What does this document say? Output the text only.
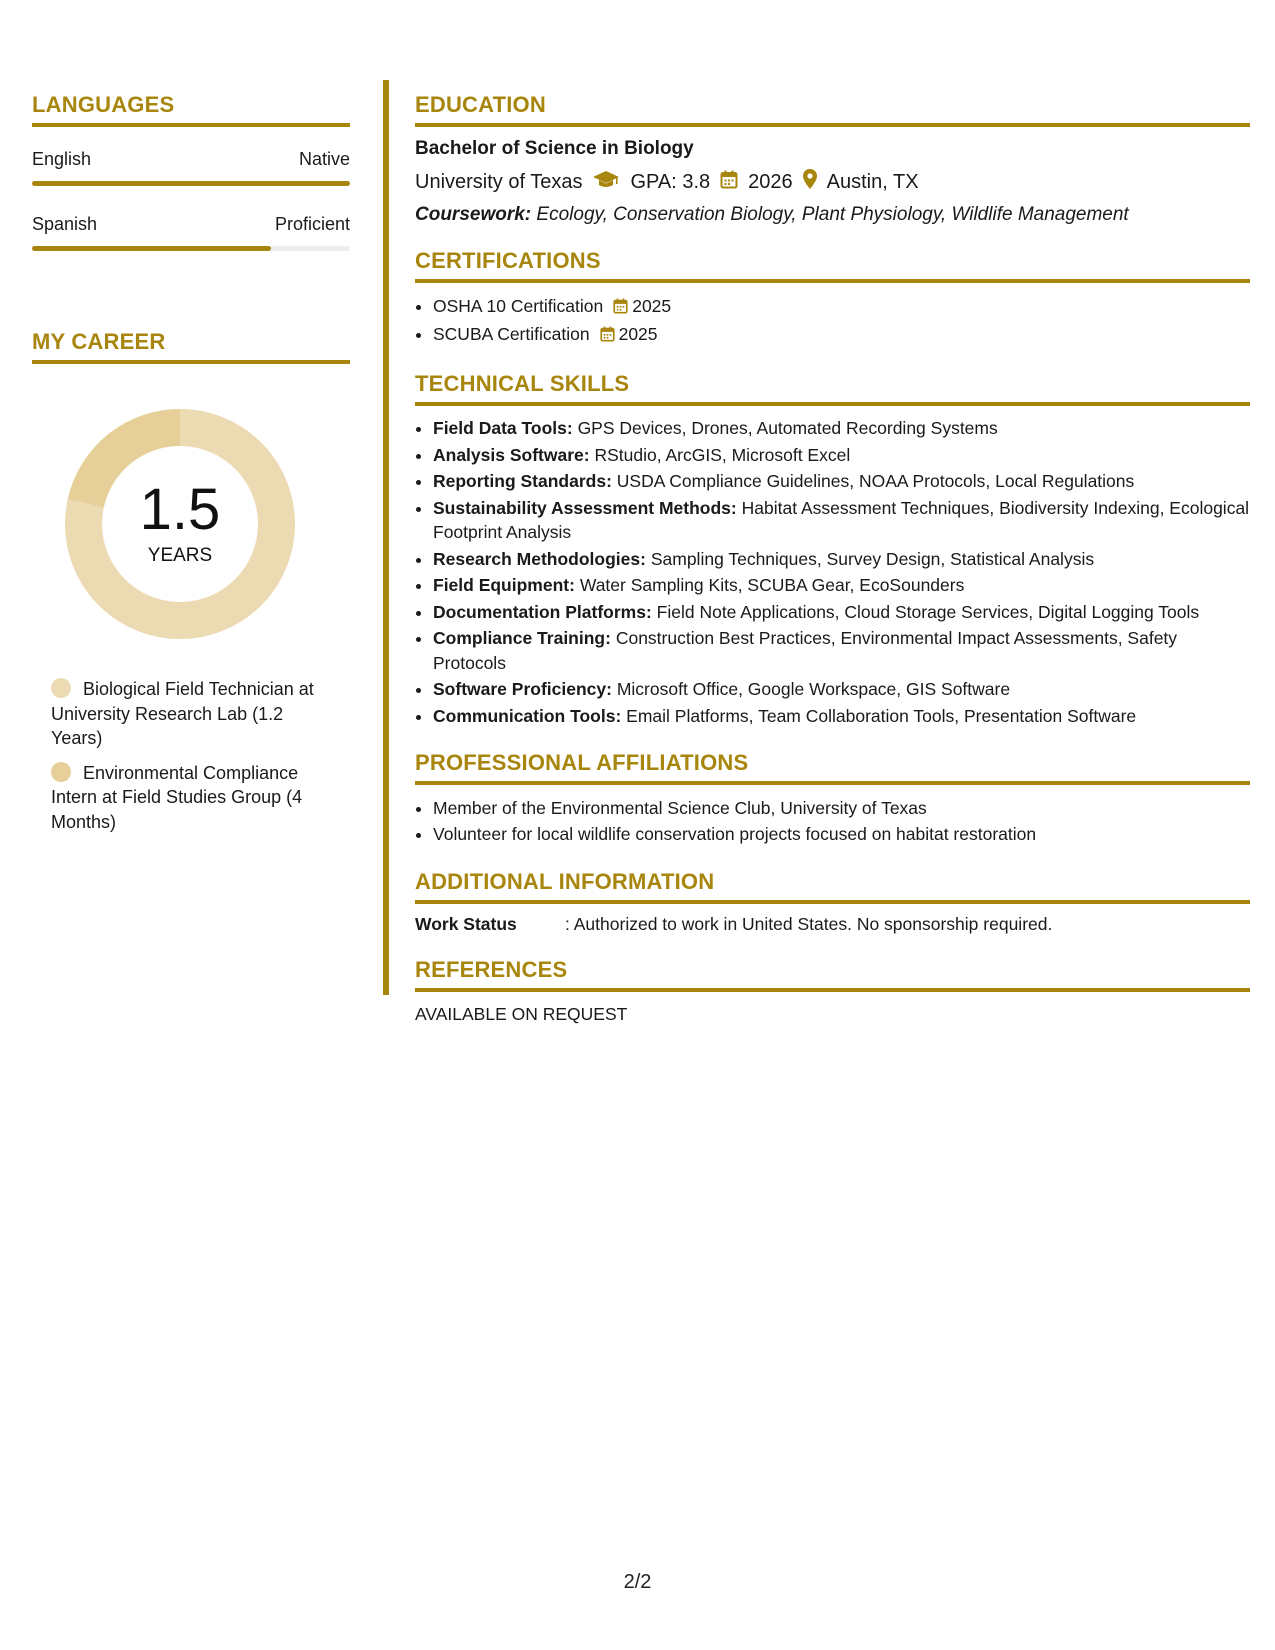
LANGUAGES
English	Native
Spanish	Proficient
MY CAREER
1.5
YEARS
Biological Field Technician at University Research Lab (1.2 Years)
Environmental Compliance Intern at Field Studies Group (4 Months)
EDUCATION
Bachelor of Science in Biology
University of Texas GPA: 3.8 2026 Austin, TX
Coursework: Ecology, Conservation Biology, Plant Physiology, Wildlife Management
CERTIFICATIONS
• OSHA 10 Certification 2025
• SCUBA Certification 2025
TECHNICAL SKILLS
• Field Data Tools: GPS Devices, Drones, Automated Recording Systems
• Analysis Software: RStudio, ArcGIS, Microsoft Excel
• Reporting Standards: USDA Compliance Guidelines, NOAA Protocols, Local Regulations
• Sustainability Assessment Methods: Habitat Assessment Techniques, Biodiversity Indexing, Ecological Footprint Analysis
• Research Methodologies: Sampling Techniques, Survey Design, Statistical Analysis
• Field Equipment: Water Sampling Kits, SCUBA Gear, EcoSounders
• Documentation Platforms: Field Note Applications, Cloud Storage Services, Digital Logging Tools
• Compliance Training: Construction Best Practices, Environmental Impact Assessments, Safety Protocols
• Software Proficiency: Microsoft Office, Google Workspace, GIS Software
• Communication Tools: Email Platforms, Team Collaboration Tools, Presentation Software
PROFESSIONAL AFFILIATIONS
• Member of the Environmental Science Club, University of Texas
• Volunteer for local wildlife conservation projects focused on habitat restoration
ADDITIONAL INFORMATION
Work Status	: Authorized to work in United States. No sponsorship required.
REFERENCES
AVAILABLE ON REQUEST
2/2
